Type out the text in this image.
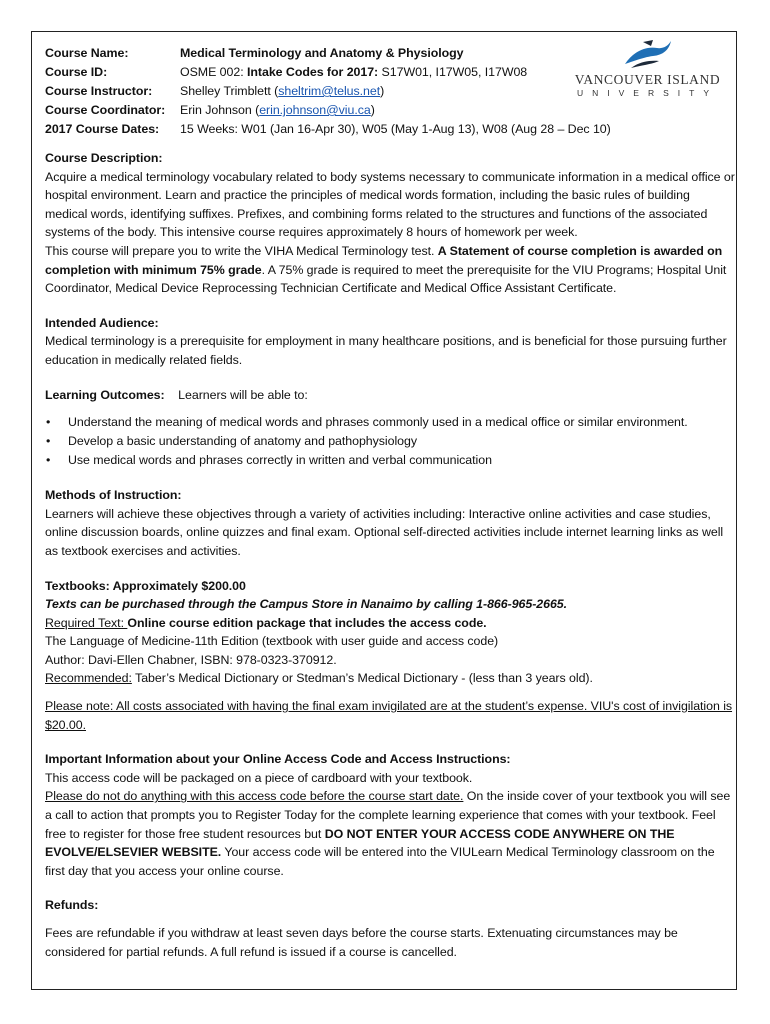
VANCOUVER ISLAND
UNIVERSITY
Course Name:	Medical Terminology and Anatomy & Physiology
Course ID:	OSME 002: Intake Codes for 2017: S17W01, I17W05, I17W08
Course Instructor:	Shelley Trimblett (sheltrim@telus.net)
Course Coordinator:	Erin Johnson (erin.johnson@viu.ca)
2017 Course Dates:	15 Weeks: W01 (Jan 16-Apr 30), W05 (May 1-Aug 13), W08 (Aug 28 – Dec 10)

Course Description:

Acquire a medical terminology vocabulary related to body systems necessary to communicate information in a medical office or hospital environment. Learn and practice the principles of medical words formation, including the basic rules of building medical words, identifying suffixes. Prefixes, and combining forms related to the structures and functions of the associated systems of the body. This intensive course requires approximately 8 hours of homework per week.

This course will prepare you to write the VIHA Medical Terminology test. A Statement of course completion is awarded on completion with minimum 75% grade. A 75% grade is required to meet the prerequisite for the VIU Programs; Hospital Unit Coordinator, Medical Device Reprocessing Technician Certificate and Medical Office Assistant Certificate.

Intended Audience:

Medical terminology is a prerequisite for employment in many healthcare positions, and is beneficial for those pursuing further education in medically related fields.

Learning Outcomes: Learners will be able to:

• Understand the meaning of medical words and phrases commonly used in a medical office or similar environment.
• Develop a basic understanding of anatomy and pathophysiology
• Use medical words and phrases correctly in written and verbal communication

Methods of Instruction:

Learners will achieve these objectives through a variety of activities including: Interactive online activities and case studies, online discussion boards, online quizzes and final exam. Optional self-directed activities include internet learning links as well as textbook exercises and activities.

Textbooks: Approximately $200.00

Texts can be purchased through the Campus Store in Nanaimo by calling 1-866-965-2665.

Required Text: Online course edition package that includes the access code.

The Language of Medicine-11th Edition (textbook with user guide and access code)

Author: Davi-Ellen Chabner, ISBN: 978-0323-370912.

Recommended: Taber’s Medical Dictionary or Stedman’s Medical Dictionary - (less than 3 years old).

Please note: All costs associated with having the final exam invigilated are at the student’s expense. VIU's cost of invigilation is $20.00.

Important Information about your Online Access Code and Access Instructions:

This access code will be packaged on a piece of cardboard with your textbook.

Please do not do anything with this access code before the course start date. On the inside cover of your textbook you will see a call to action that prompts you to Register Today for the complete learning experience that comes with your textbook. Feel free to register for those free student resources but DO NOT ENTER YOUR ACCESS CODE ANYWHERE ON THE EVOLVE/ELSEVIER WEBSITE. Your access code will be entered into the VIULearn Medical Terminology classroom on the first day that you access your online course.

Refunds:

Fees are refundable if you withdraw at least seven days before the course starts. Extenuating circumstances may be considered for partial refunds. A full refund is issued if a course is cancelled.
